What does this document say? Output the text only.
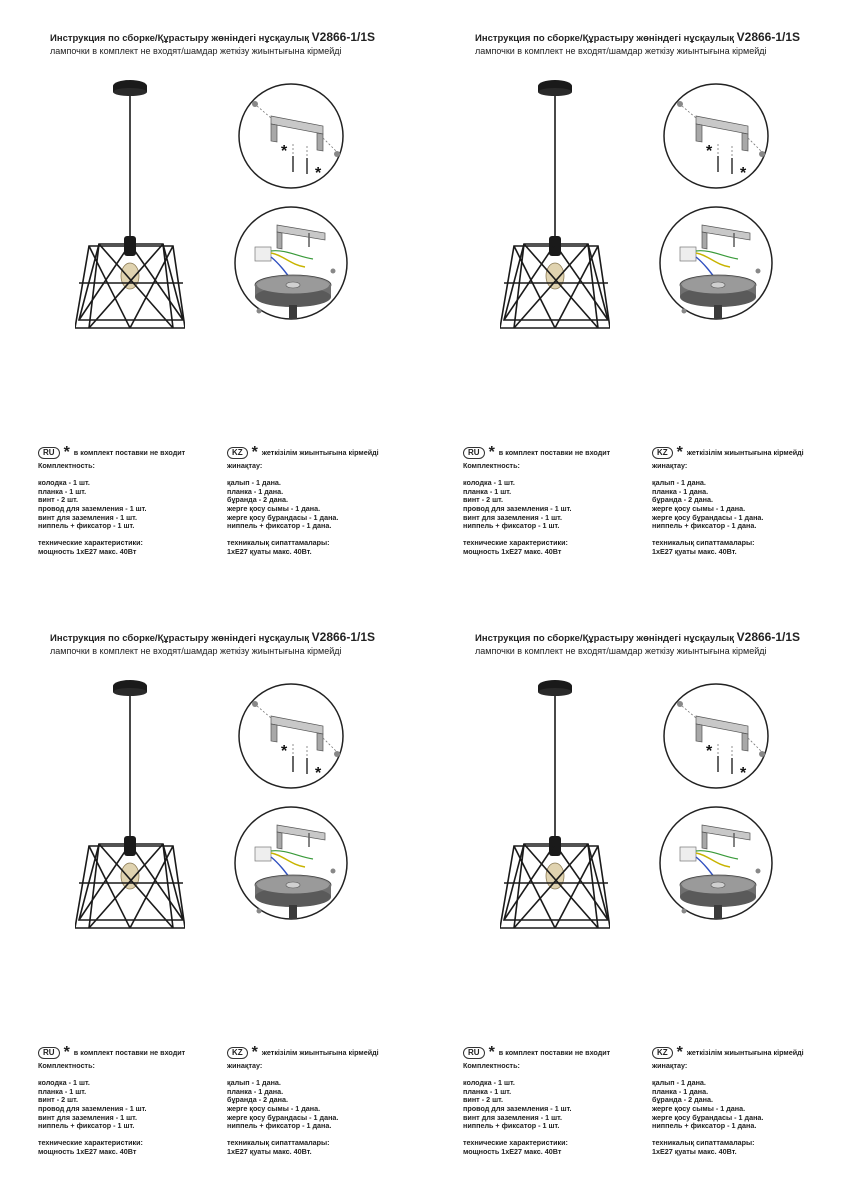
Инструкция по сборке/Құрастыру жөніндегі нұсқаулық V2866-1/1S
лампочки в комплект не входят/шамдар жеткізу жиынтығына кірмейді
*
*
RU * в комплект поставки не входит
Комплектность:
колодка - 1 шт.
планка - 1 шт.
винт - 2 шт.
провод для заземления - 1 шт.
винт для заземления - 1 шт.
ниппель + фиксатор - 1 шт.
технические характеристики:
мощность 1хЕ27 макс. 40Вт
KZ * жеткізілім жиынтығына кірмейді
жинақтау:
қалып - 1 дана.
планка - 1 дана.
бұранда - 2 дана.
жерге қосу сымы - 1 дана.
жерге қосу бұрандасы - 1 дана.
ниппель + фиксатор - 1 дана.
техникалық сипаттамалары:
1хЕ27 қуаты макс. 40Вт.
Инструкция по сборке/Құрастыру жөніндегі нұсқаулық V2866-1/1S
лампочки в комплект не входят/шамдар жеткізу жиынтығына кірмейді
*
*
RU * в комплект поставки не входит
Комплектность:
колодка - 1 шт.
планка - 1 шт.
винт - 2 шт.
провод для заземления - 1 шт.
винт для заземления - 1 шт.
ниппель + фиксатор - 1 шт.
технические характеристики:
мощность 1хЕ27 макс. 40Вт
KZ * жеткізілім жиынтығына кірмейді
жинақтау:
қалып - 1 дана.
планка - 1 дана.
бұранда - 2 дана.
жерге қосу сымы - 1 дана.
жерге қосу бұрандасы - 1 дана.
ниппель + фиксатор - 1 дана.
техникалық сипаттамалары:
1хЕ27 қуаты макс. 40Вт.
Инструкция по сборке/Құрастыру жөніндегі нұсқаулық V2866-1/1S
лампочки в комплект не входят/шамдар жеткізу жиынтығына кірмейді
*
*
RU * в комплект поставки не входит
Комплектность:
колодка - 1 шт.
планка - 1 шт.
винт - 2 шт.
провод для заземления - 1 шт.
винт для заземления - 1 шт.
ниппель + фиксатор - 1 шт.
технические характеристики:
мощность 1хЕ27 макс. 40Вт
KZ * жеткізілім жиынтығына кірмейді
жинақтау:
қалып - 1 дана.
планка - 1 дана.
бұранда - 2 дана.
жерге қосу сымы - 1 дана.
жерге қосу бұрандасы - 1 дана.
ниппель + фиксатор - 1 дана.
техникалық сипаттамалары:
1хЕ27 қуаты макс. 40Вт.
Инструкция по сборке/Құрастыру жөніндегі нұсқаулық V2866-1/1S
лампочки в комплект не входят/шамдар жеткізу жиынтығына кірмейді
*
*
RU * в комплект поставки не входит
Комплектность:
колодка - 1 шт.
планка - 1 шт.
винт - 2 шт.
провод для заземления - 1 шт.
винт для заземления - 1 шт.
ниппель + фиксатор - 1 шт.
технические характеристики:
мощность 1хЕ27 макс. 40Вт
KZ * жеткізілім жиынтығына кірмейді
жинақтау:
қалып - 1 дана.
планка - 1 дана.
бұранда - 2 дана.
жерге қосу сымы - 1 дана.
жерге қосу бұрандасы - 1 дана.
ниппель + фиксатор - 1 дана.
техникалық сипаттамалары:
1хЕ27 қуаты макс. 40Вт.
